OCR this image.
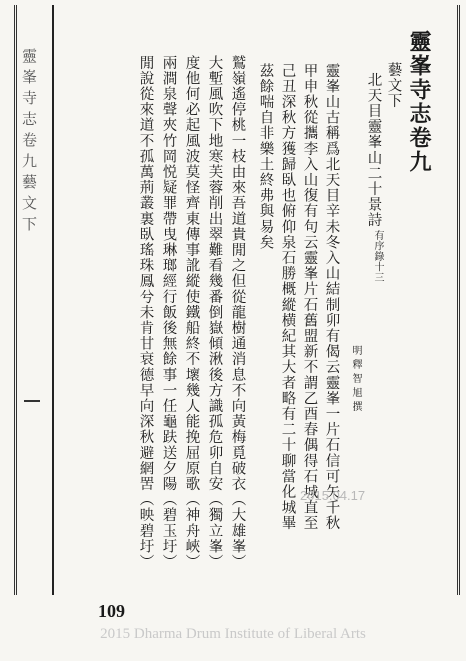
靈峯寺志卷九藝文下	靈峯寺志卷九
藝文下
北天目靈峯山二十景詩
有序錄十三
明釋智旭撰
靈峯山古稱爲北天目辛未冬入山結制卯有偈云靈峯一片石信可矢千秋
甲申秋從攜李入山復有句云靈峯片石舊盟新不謂乙酉春偶得石城直至
己丑深秋方獲歸臥也俯仰泉石勝概縱横紀其大者略有二十聊當化城畢
茲餘喘自非樂土終弗與易矣
鷲嶺遙停桃一枝由來吾道貴閒之但從龍樹通消息不向黃梅覓破衣（大雄峯）
大塹風吹下地寒芙蓉削出翠難看幾番倒嶽傾湫後方識孤危卯自安（獨立峯）
度他何必起風波莫怪齊東傳事訛縱使鐵船終不壞幾人能挽屈原歌（神舟峽）
兩澗泉聲夾竹岡悦疑罪帶曳琳瑯經行飯後無餘事一任龜趺送夕陽（碧玉圩）
閒說從來道不孤萬荊叢裏臥瑤珠鳳兮未肯甘衰德早向深秋避網罟（映碧圩）	2015.04.17
109
2015 Dharma Drum Institute of Liberal Arts
